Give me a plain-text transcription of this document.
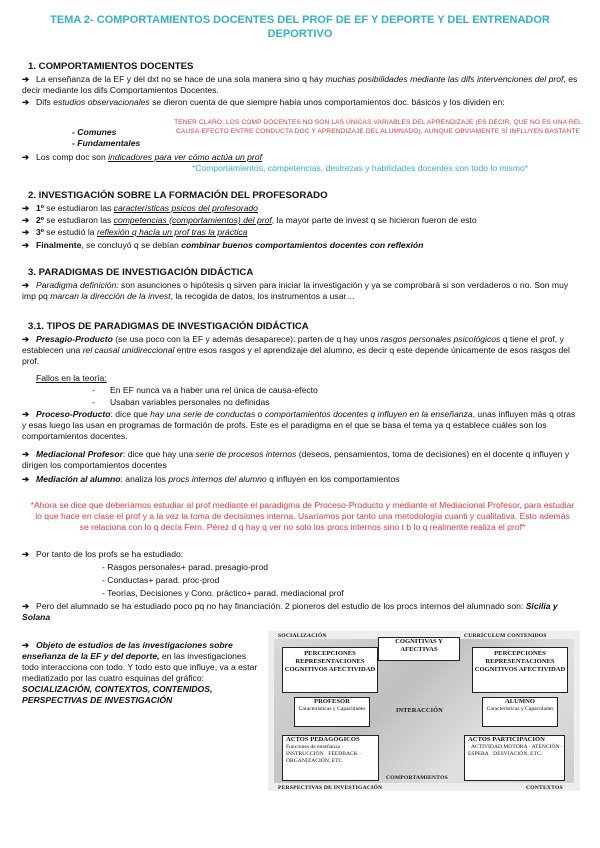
TEMA 2- COMPORTAMIENTOS DOCENTES DEL PROF DE EF Y DEPORTE Y DEL ENTRENADOR DEPORTIVO
1. COMPORTAMIENTOS DOCENTES
➔ La enseñanza de la EF y del dxt no se hace de una sola manera sino q hay muchas posibilidades mediante las difs intervenciones del prof, es decir mediante los difs Comportamientos Docentes.
➔ Difs estudios observacionales se dieron cuenta de que siempre había unos comportamientos doc. básicos y los dividen en:
- Comunes
- Fundamentales
TENER CLARO: LOS COMP DOCENTES NO SON LAS ÚNICAS VARIABLES DEL APRENDIZAJE (ES DECIR, QUE NO ES UNA REL CAUSA-EFECTO ENTRE CONDUCTA DOC Y APRENDIZAJE DEL ALUMNADO), AUNQUE OBVIAMENTE SÍ INFLUYEN BASTANTE
➔ Los comp doc son indicadores para ver cómo actúa un prof
*Comportamientos, competencias, destrezas y habilidades docentes son todo lo mismo*
2. INVESTIGACIÓN SOBRE LA FORMACIÓN DEL PROFESORADO
➔ 1º se estudiaron las características psicos del profesorado
➔ 2º se estudiaron las competencias (comportamientos) del prof, la mayor parte de invest q se hicieron fueron de esto
➔ 3º se estudió la reflexión q hacía un prof tras la práctica
➔ Finalmente, se concluyó q se debían combinar buenos comportamientos docentes con reflexión
3. PARADIGMAS DE INVESTIGACIÓN DIDÁCTICA
➔ Paradigma definición: son asunciones o hipótesis q sirven para iniciar la investigación y ya se comprobará si son verdaderos o no. Son muy imp pq marcan la dirección de la invest, la recogida de datos, los instrumentos a usar…
3.1. TIPOS DE PARADIGMAS DE INVESTIGACIÓN DIDÁCTICA
➔ Presagio-Producto (se usa poco con la EF y además desaparece): parten de q hay unos rasgos personales psicológicos q tiene el prof, y establecen una rel causal unidireccional entre esos rasgos y el aprendizaje del alumno, es decir q este depende únicamente de esos rasgos del prof.
Fallos en la teoría:
- En EF nunca va a haber una rel única de causa-efecto
- Usaban variables personales no definidas
➔ Proceso-Producto: dice que hay una serie de conductas o comportamientos docentes q influyen en la enseñanza, unas influyen más q otras y esas luego las usan en programas de formación de profs. Este es el paradigma en el que se basa el tema ya q establece cuáles son los comportamientos docentes.
➔ Mediacional Profesor: dice que hay una serie de procesos internos (deseos, pensamientos, toma de decisiones) en el docente q influyen y dirigen los comportamientos docentes
➔ Mediación al alumno: analiza los procs internos del alumno q influyen en los comportamientos
*Ahora se dice que deberíamos estudiar al prof mediante el paradigma de Proceso-Producto y mediante el Mediacional Profesor, para estudiar lo que hace en clase el prof y a la vez la toma de decisiones interna. Usaríamos por tanto una metodología cuanti y cualitativa. Esto además se relaciona con lo q decía Fern. Pérez d q hay q ver no solo los procs internos sino t b lo q realmente realiza el prof*
➔ Por tanto de los profs se ha estudiado:
- Rasgos personales+ parad. presagio-prod
- Conductas+ parad. proc-prod
- Teorías, Decisiones y Cono. práctico+ parad. mediacional prof
➔ Pero del alumnado se ha estudiado poco pq no hay financiación. 2 pioneros del estudio de los procs internos del alumnado son: Sicilia y Solana
➔ Objeto de estudios de las investigaciones sobre enseñanza de la EF y del deporte, en las investigaciones todo interacciona con todo. Y todo esto que influye, va a estar mediatizado por las cuatro esquinas del gráfico: SOCIALIZACIÓN, CONTEXTOS, CONTENIDOS, PERSPECTIVAS DE INVESTIGACIÓN
SOCIALIZACIÓN	CURRÍCULUM CONTENIDOS
PERSPECTIVAS DE INVESTIGACIÓN	CONTEXTOS
COGNITIVAS Y AFECTIVAS
PERCEPCIONES REPRESENTACIONES COGNITIVOS AFECTIVIDAD
PERCEPCIONES REPRESENTACIONES COGNITIVOS AFECTIVIDAD
PROFESOR
Características y Capacidades
ALUMNO
Características y Capacidades
INTERACCIÓN
ACTOS PEDAGÓGICOS
Funciones de enseñanza · INSTRUCCIÓN · FEEDBACK · ORGANIZACIÓN, ETC
ACTOS PARTICIPACIÓN
· ACTIVIDAD MOTORA · ATENCIÓN · ESPERA · DESVIACIÓN, ETC.
COMPORTAMIENTOS
